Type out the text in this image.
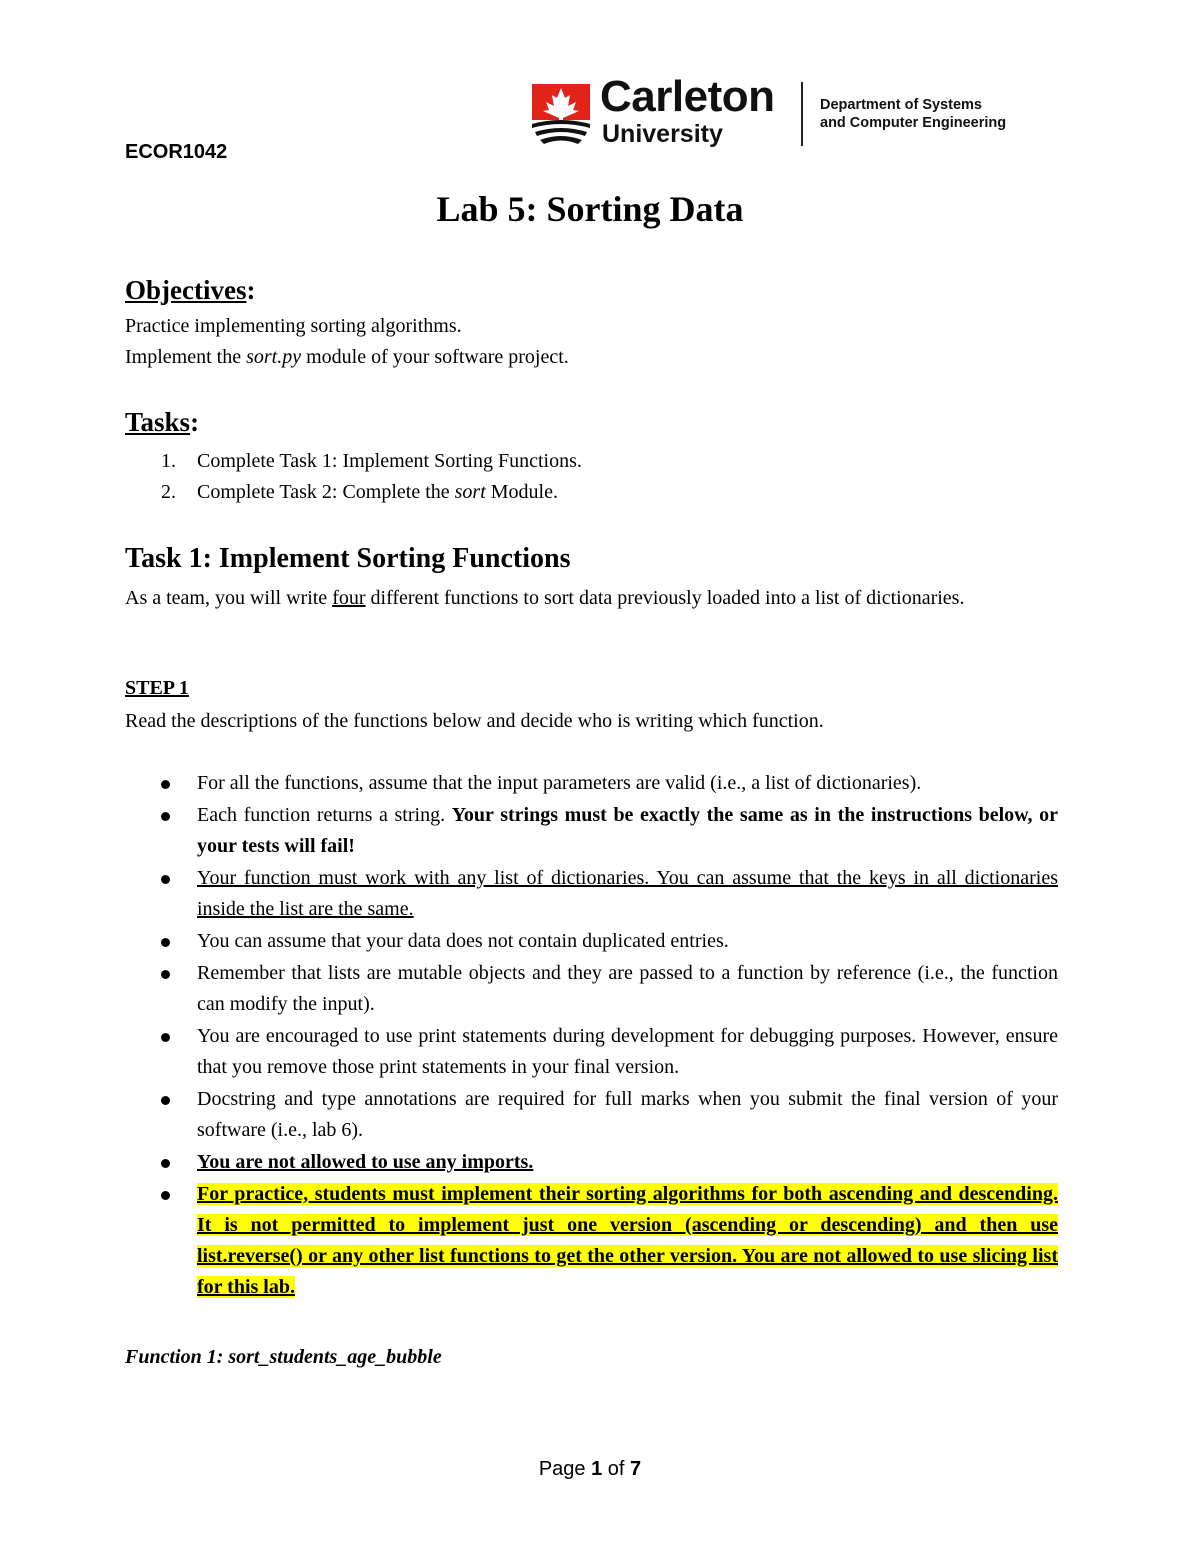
ECOR1042
Carleton
University
Department of Systems
and Computer Engineering
Lab 5: Sorting Data
Objectives:
Practice implementing sorting algorithms.
Implement the sort.py module of your software project.
Tasks:
1. Complete Task 1: Implement Sorting Functions.
2. Complete Task 2: Complete the sort Module.
Task 1: Implement Sorting Functions
As a team, you will write four different functions to sort data previously loaded into a list of dictionaries.
STEP 1
Read the descriptions of the functions below and decide who is writing which function.
For all the functions, assume that the input parameters are valid (i.e., a list of dictionaries).
Each function returns a string. Your strings must be exactly the same as in the instructions below, or your tests will fail!
Your function must work with any list of dictionaries. You can assume that the keys in all dictionaries inside the list are the same.
You can assume that your data does not contain duplicated entries.
Remember that lists are mutable objects and they are passed to a function by reference (i.e., the function can modify the input).
You are encouraged to use print statements during development for debugging purposes. However, ensure that you remove those print statements in your final version.
Docstring and type annotations are required for full marks when you submit the final version of your software (i.e., lab 6).
You are not allowed to use any imports.
For practice, students must implement their sorting algorithms for both ascending and descending. It is not permitted to implement just one version (ascending or descending) and then use list.reverse() or any other list functions to get the other version. You are not allowed to use slicing list for this lab.
Function 1: sort_students_age_bubble
Page 1 of 7
